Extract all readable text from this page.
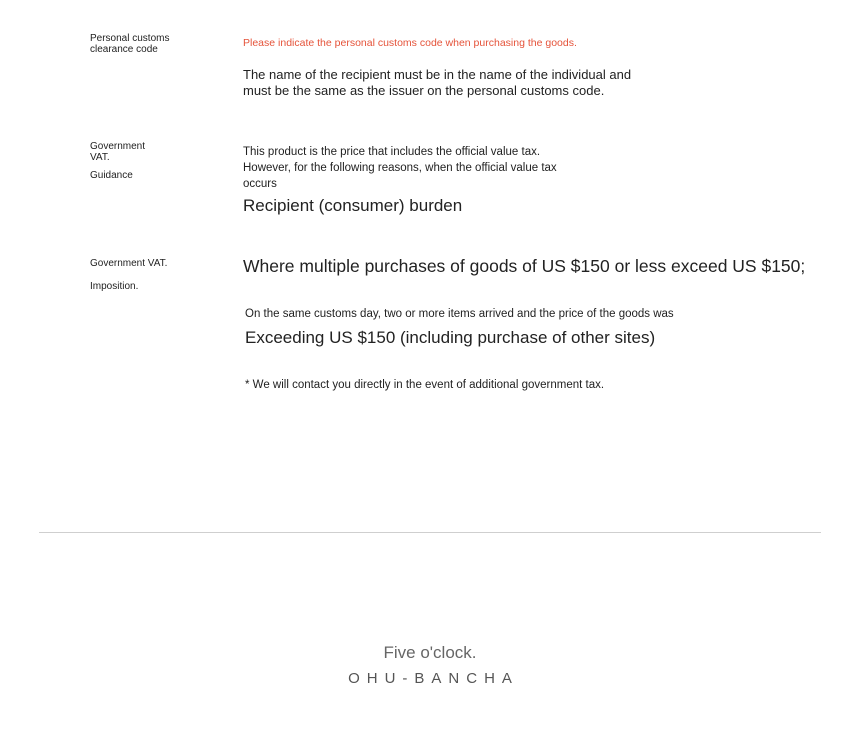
Personal customs
clearance code
Please indicate the personal customs code when purchasing the goods.
The name of the recipient must be in the name of the individual and
must be the same as the issuer on the personal customs code.
Government
VAT.
Guidance
This product is the price that includes the official value tax.
However, for the following reasons, when the official value tax
occurs
Recipient (consumer) burden
Government VAT.
Imposition.
Where multiple purchases of goods of US $150 or less exceed US $150;
On the same customs day, two or more items arrived and the price of the goods was
Exceeding US $150 (including purchase of other sites)
* We will contact you directly in the event of additional government tax.
Five o'clock.
OHU-BANCHA
